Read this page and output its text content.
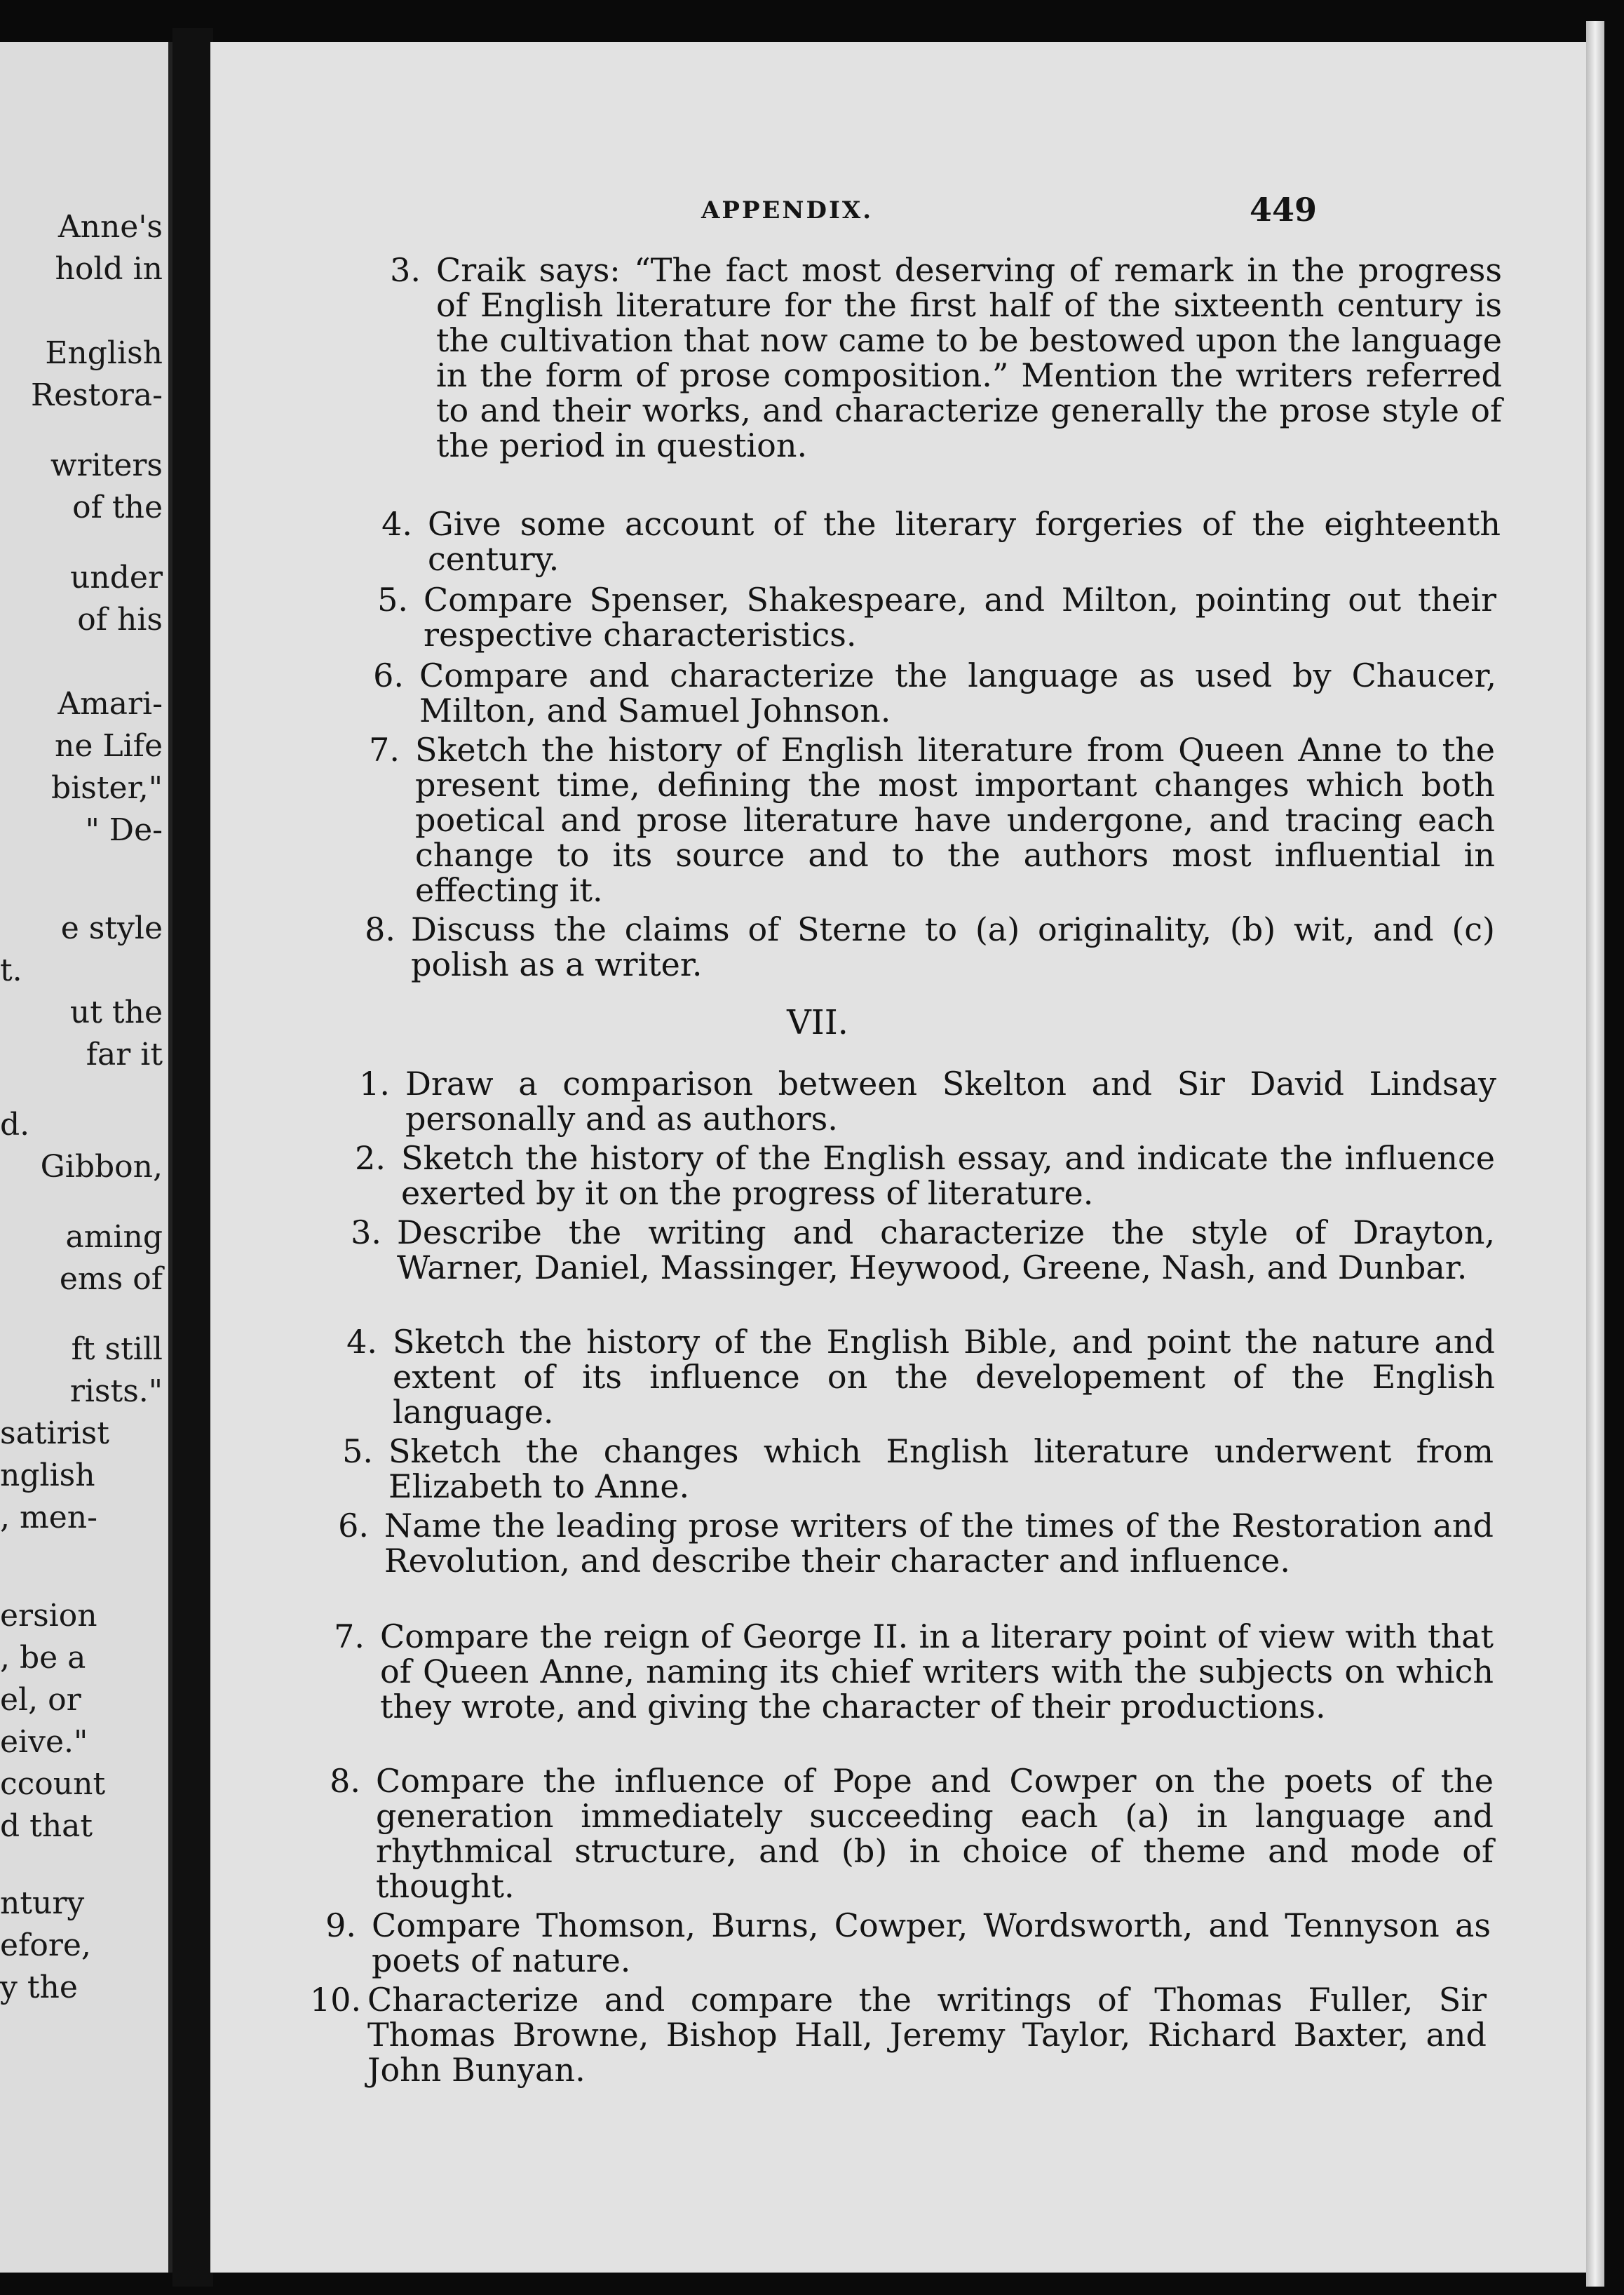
Anne's
hold in
English
Restora-
writers
of the
under
of his
Amari-
ne Life
bister,"
" De-
e style
t.
ut the
far it
d.
Gibbon,
aming
ems of
ft still
rists."
satirist
nglish
, men-
ersion
, be a
el, or
eive."
ccount
d that
ntury
efore,
y the
APPENDIX.	449
3. Craik says: “The fact most deserving of remark in the progress of English literature for the first half of the sixteenth century is the cultivation that now came to be bestowed upon the language in the form of prose composition.” Mention the writers referred to and their works, and characterize generally the prose style of the period in question.
4. Give some account of the literary forgeries of the eighteenth century.
5. Compare Spenser, Shakespeare, and Milton, pointing out their respective characteristics.
6. Compare and characterize the language as used by Chaucer, Milton, and Samuel Johnson.
7. Sketch the history of English literature from Queen Anne to the present time, defining the most important changes which both poetical and prose literature have undergone, and tracing each change to its source and to the authors most influential in effecting it.
8. Discuss the claims of Sterne to (a) originality, (b) wit, and (c) polish as a writer.
VII.
1. Draw a comparison between Skelton and Sir David Lindsay personally and as authors.
2. Sketch the history of the English essay, and indicate the influence exerted by it on the progress of literature.
3. Describe the writing and characterize the style of Drayton, Warner, Daniel, Massinger, Heywood, Greene, Nash, and Dunbar.
4. Sketch the history of the English Bible, and point the nature and extent of its influence on the developement of the English language.
5. Sketch the changes which English literature underwent from Elizabeth to Anne.
6. Name the leading prose writers of the times of the Restoration and Revolution, and describe their character and influence.
7. Compare the reign of George II. in a literary point of view with that of Queen Anne, naming its chief writers with the subjects on which they wrote, and giving the character of their productions.
8. Compare the influence of Pope and Cowper on the poets of the generation immediately succeeding each (a) in language and rhythmical structure, and (b) in choice of theme and mode of thought.
9. Compare Thomson, Burns, Cowper, Wordsworth, and Tennyson as poets of nature.
10. Characterize and compare the writings of Thomas Fuller, Sir Thomas Browne, Bishop Hall, Jeremy Taylor, Richard Baxter, and John Bunyan.
